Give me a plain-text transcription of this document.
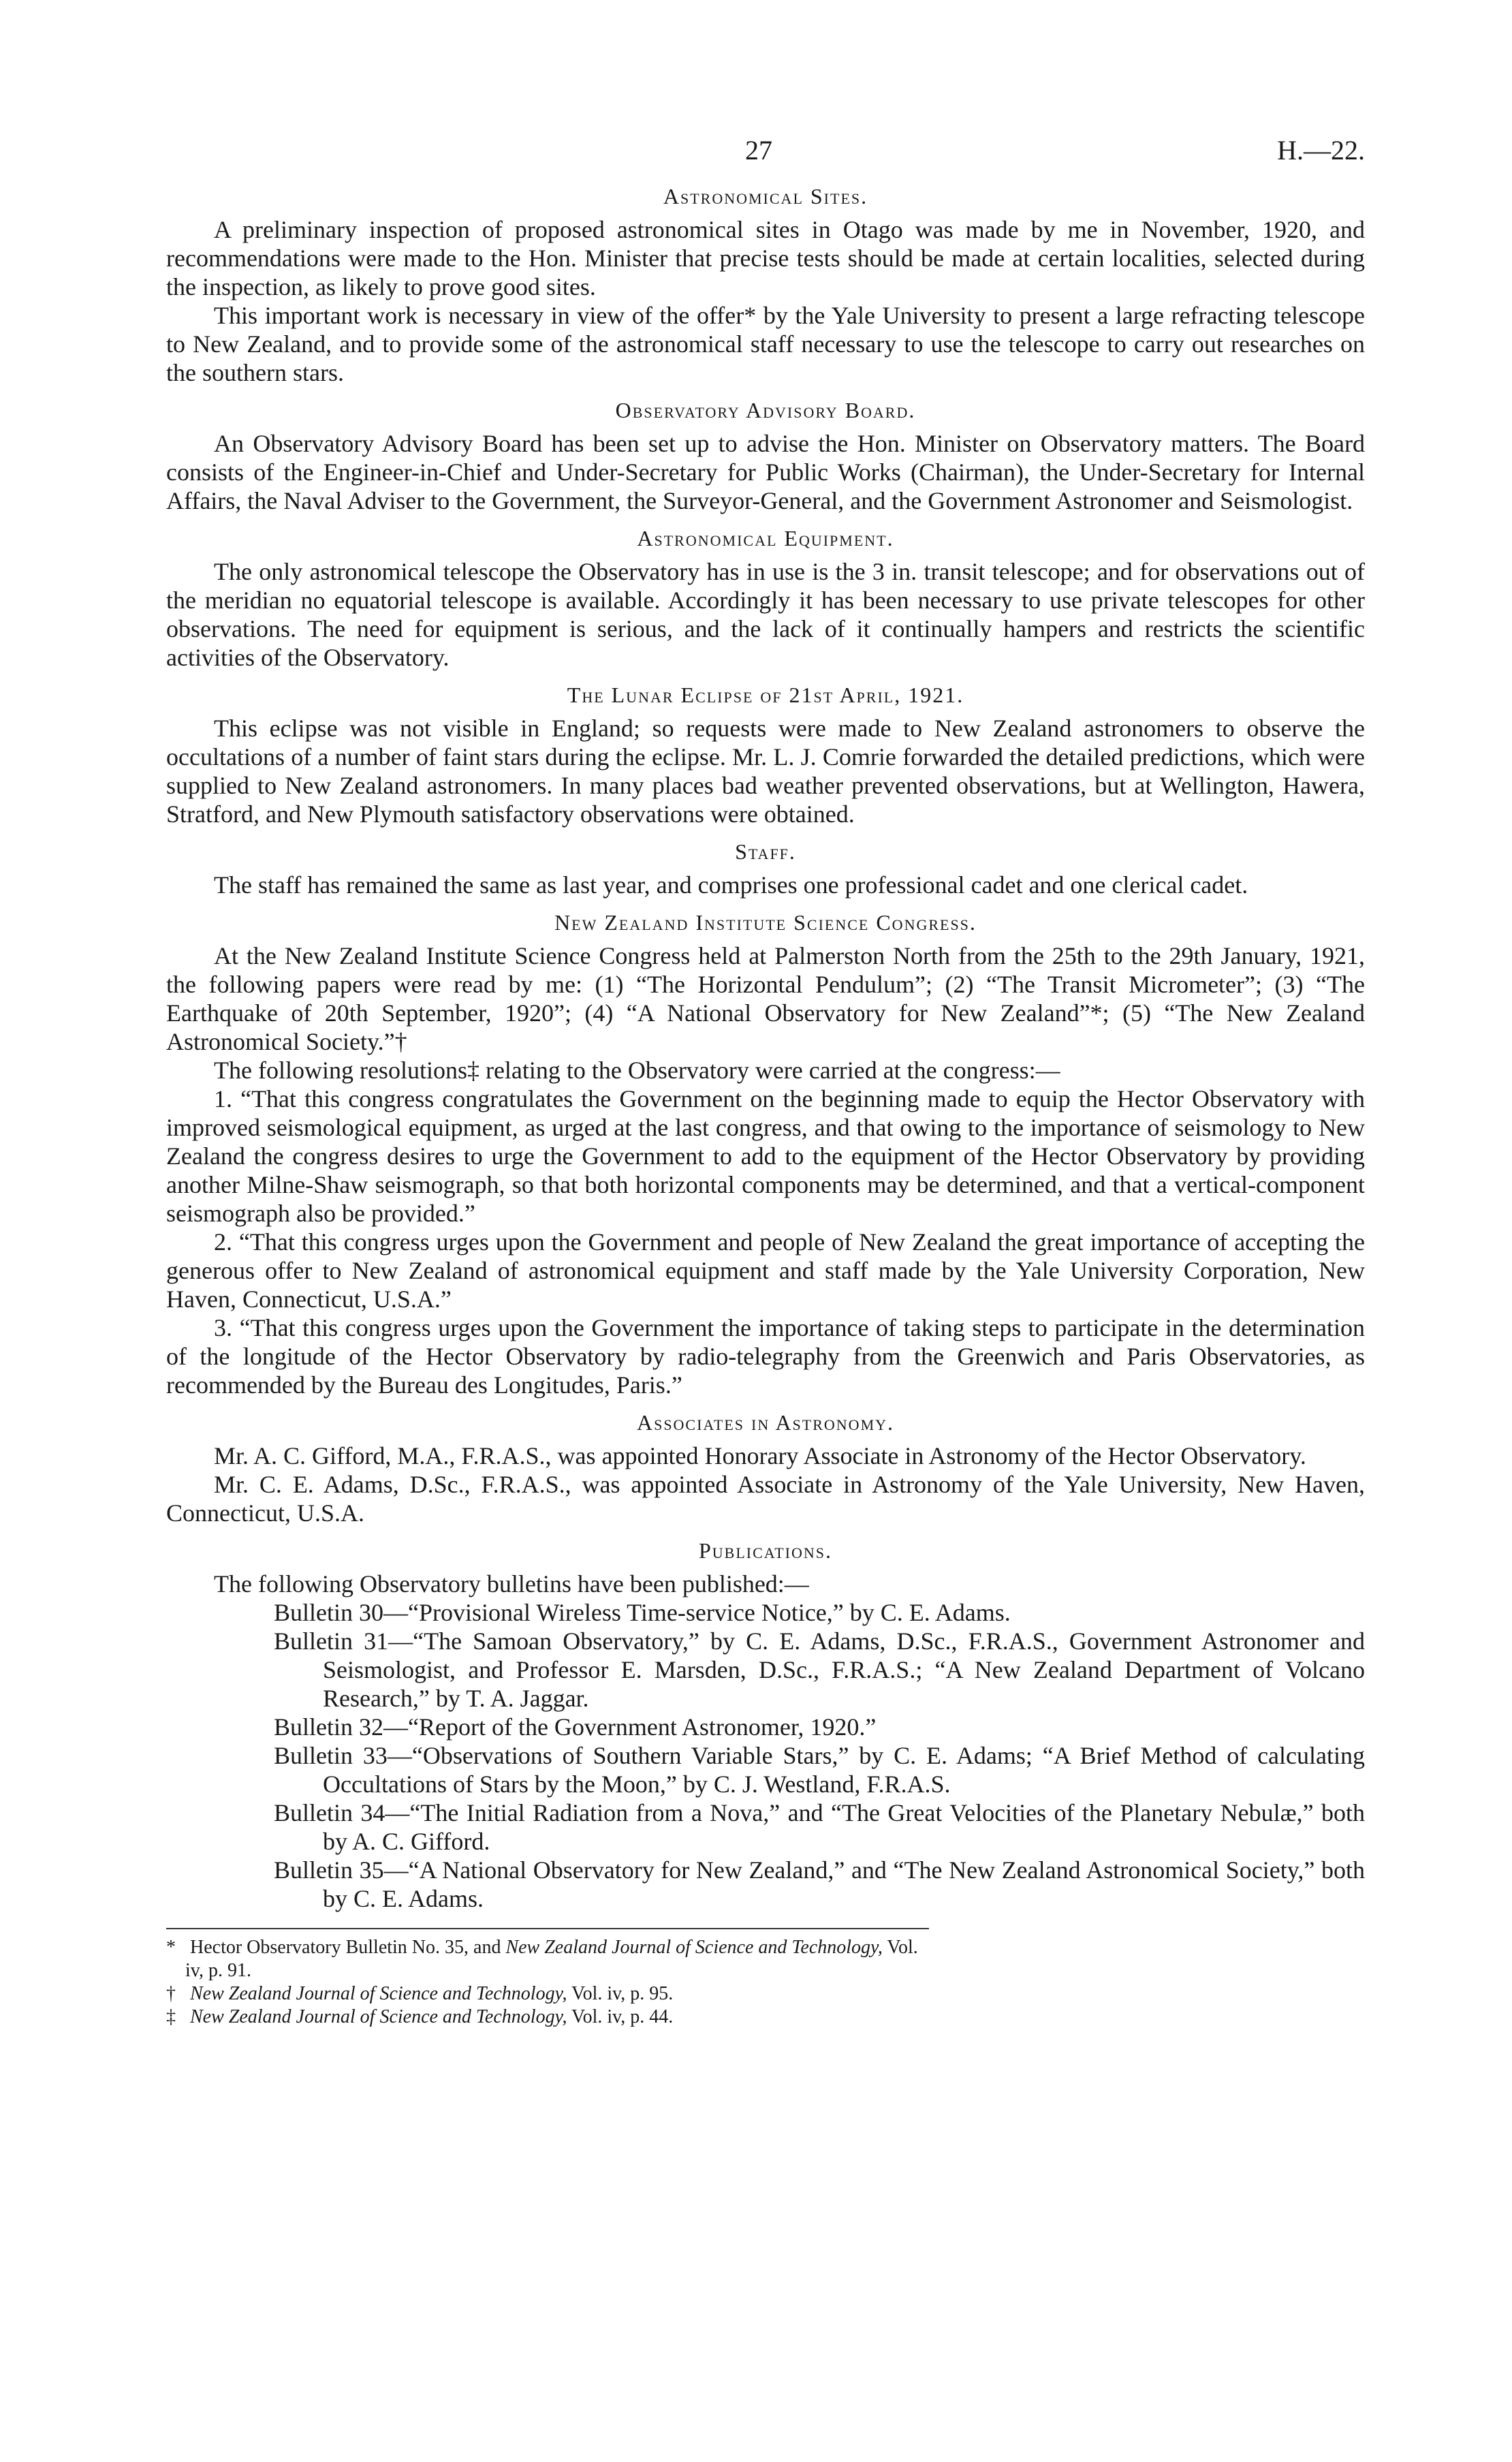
27	H.—22.
Astronomical Sites.

A preliminary inspection of proposed astronomical sites in Otago was made by me in November, 1920, and recommendations were made to the Hon. Minister that precise tests should be made at certain localities, selected during the inspection, as likely to prove good sites.

This important work is necessary in view of the offer* by the Yale University to present a large refracting telescope to New Zealand, and to provide some of the astronomical staff necessary to use the telescope to carry out researches on the southern stars.

Observatory Advisory Board.

An Observatory Advisory Board has been set up to advise the Hon. Minister on Observatory matters. The Board consists of the Engineer-in-Chief and Under-Secretary for Public Works (Chairman), the Under-Secretary for Internal Affairs, the Naval Adviser to the Government, the Surveyor-General, and the Government Astronomer and Seismologist.

Astronomical Equipment.

The only astronomical telescope the Observatory has in use is the 3 in. transit telescope; and for observations out of the meridian no equatorial telescope is available. Accordingly it has been necessary to use private telescopes for other observations. The need for equipment is serious, and the lack of it continually hampers and restricts the scientific activities of the Observatory.

The Lunar Eclipse of 21st April, 1921.

This eclipse was not visible in England; so requests were made to New Zealand astronomers to observe the occultations of a number of faint stars during the eclipse. Mr. L. J. Comrie forwarded the detailed predictions, which were supplied to New Zealand astronomers. In many places bad weather prevented observations, but at Wellington, Hawera, Stratford, and New Plymouth satisfactory observations were obtained.

Staff.

The staff has remained the same as last year, and comprises one professional cadet and one clerical cadet.

New Zealand Institute Science Congress.

At the New Zealand Institute Science Congress held at Palmerston North from the 25th to the 29th January, 1921, the following papers were read by me: (1) “The Horizontal Pendulum”; (2) “The Transit Micrometer”; (3) “The Earthquake of 20th September, 1920”; (4) “A National Observatory for New Zealand”*; (5) “The New Zealand Astronomical Society.”†

The following resolutions‡ relating to the Observatory were carried at the congress:—

1. “That this congress congratulates the Government on the beginning made to equip the Hector Observatory with improved seismological equipment, as urged at the last congress, and that owing to the importance of seismology to New Zealand the congress desires to urge the Government to add to the equipment of the Hector Observatory by providing another Milne-Shaw seismograph, so that both horizontal components may be determined, and that a vertical-component seismograph also be provided.”

2. “That this congress urges upon the Government and people of New Zealand the great importance of accepting the generous offer to New Zealand of astronomical equipment and staff made by the Yale University Corporation, New Haven, Connecticut, U.S.A.”

3. “That this congress urges upon the Government the importance of taking steps to participate in the determination of the longitude of the Hector Observatory by radio-telegraphy from the Greenwich and Paris Observatories, as recommended by the Bureau des Longitudes, Paris.”

Associates in Astronomy.

Mr. A. C. Gifford, M.A., F.R.A.S., was appointed Honorary Associate in Astronomy of the Hector Observatory.

Mr. C. E. Adams, D.Sc., F.R.A.S., was appointed Associate in Astronomy of the Yale University, New Haven, Connecticut, U.S.A.

Publications.

The following Observatory bulletins have been published:—

Bulletin 30—“Provisional Wireless Time-service Notice,” by C. E. Adams.
Bulletin 31—“The Samoan Observatory,” by C. E. Adams, D.Sc., F.R.A.S., Government Astronomer and Seismologist, and Professor E. Marsden, D.Sc., F.R.A.S.; “A New Zealand Department of Volcano Research,” by T. A. Jaggar.
Bulletin 32—“Report of the Government Astronomer, 1920.”
Bulletin 33—“Observations of Southern Variable Stars,” by C. E. Adams; “A Brief Method of calculating Occultations of Stars by the Moon,” by C. J. Westland, F.R.A.S.
Bulletin 34—“The Initial Radiation from a Nova,” and “The Great Velocities of the Planetary Nebulæ,” both by A. C. Gifford.
Bulletin 35—“A National Observatory for New Zealand,” and “The New Zealand Astronomical Society,” both by C. E. Adams.
* Hector Observatory Bulletin No. 35, and New Zealand Journal of Science and Technology, Vol. iv, p. 91.
† New Zealand Journal of Science and Technology, Vol. iv, p. 95.
‡ New Zealand Journal of Science and Technology, Vol. iv, p. 44.
